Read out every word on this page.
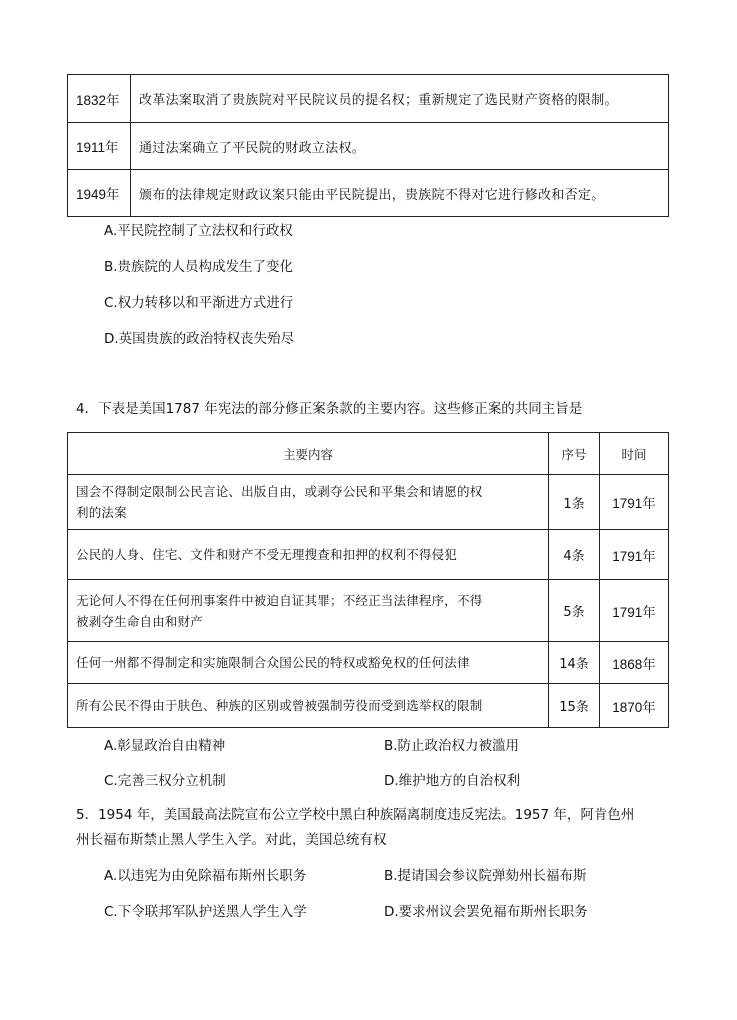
1832年	改革法案取消了贵族院对平民院议员的提名权；重新规定了选民财产资格的限制。
1911年	通过法案确立了平民院的财政立法权。
1949年	颁布的法律规定财政议案只能由平民院提出，贵族院不得对它进行修改和否定。
A.平民院控制了立法权和行政权
B.贵族院的人员构成发生了变化
C.权力转移以和平渐进方式进行
D.英国贵族的政治特权丧失殆尽
4．下表是美国1787 年宪法的部分修正案条款的主要内容。这些修正案的共同主旨是
主要内容	序号	时间

国会不得制定限制公民言论、出版自由，或剥夺公民和平集会和请愿的权
利的法案	1条	1791年

公民的人身、住宅、文件和财产不受无理搜查和扣押的权利不得侵犯	4条	1791年

无论何人不得在任何刑事案件中被迫自证其罪；不经正当法律程序，不得
被剥夺生命自由和财产	5条	1791年

任何一州都不得制定和实施限制合众国公民的特权或豁免权的任何法律	14条	1868年

所有公民不得由于肤色、种族的区别或曾被强制劳役而受到选举权的限制	15条	1870年
A.彰显政治自由精神	B.防止政治权力被滥用
C.完善三权分立机制	D.维护地方的自治权利
5．1954 年，美国最高法院宣布公立学校中黑白种族隔离制度违反宪法。1957 年，阿肯色州
州长福布斯禁止黑人学生入学。对此，美国总统有权
A.以违宪为由免除福布斯州长职务	B.提请国会参议院弹劾州长福布斯
C.下令联邦军队护送黑人学生入学	D.要求州议会罢免福布斯州长职务
